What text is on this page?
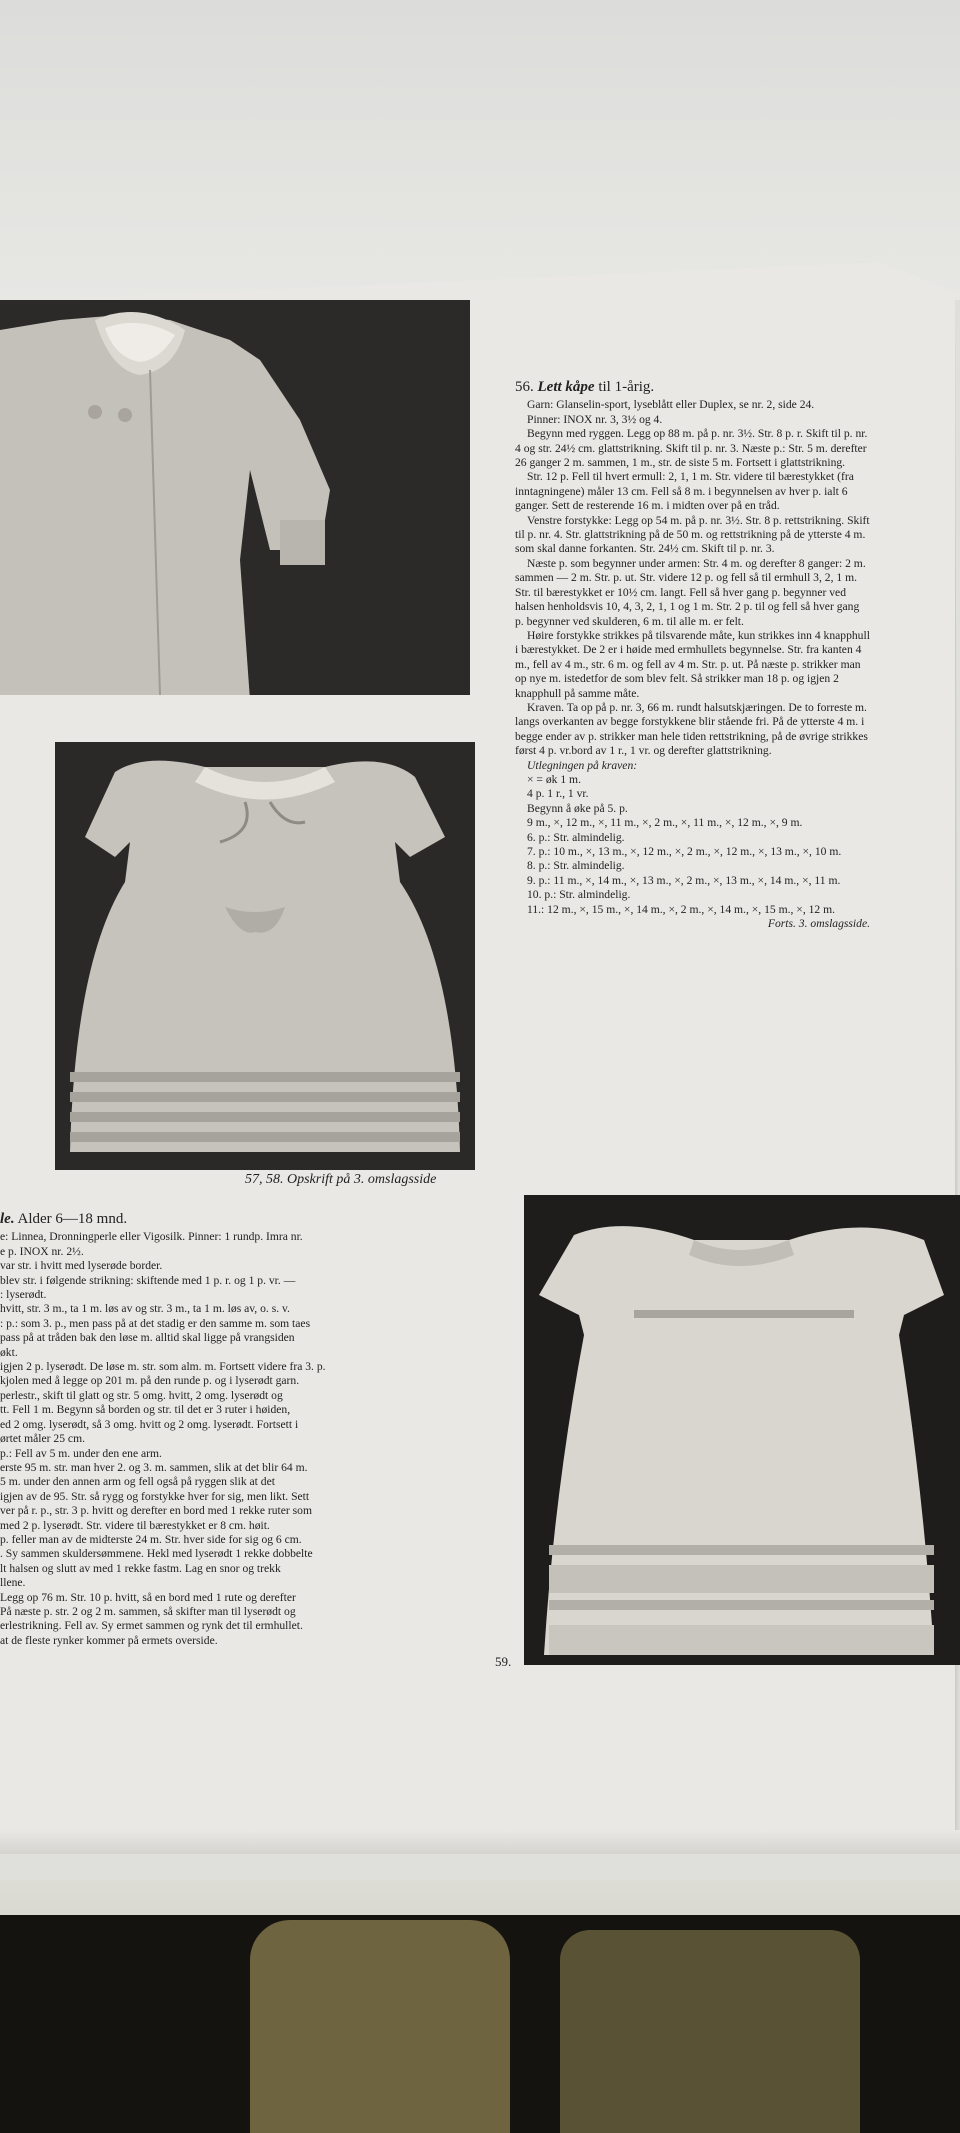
57, 58. Opskrift på 3. omslagsside

56. Lett kåpe til 1-årig.

Garn: Glanselin-sport, lyseblått eller Duplex, se nr. 2, side 24.

Pinner: INOX nr. 3, 3½ og 4.

Begynn med ryggen. Legg op 88 m. på p. nr. 3½. Str. 8 p. r. Skift til p. nr. 4 og str. 24½ cm. glattstrikning. Skift til p. nr. 3. Næste p.: Str. 5 m. derefter 26 ganger 2 m. sammen, 1 m., str. de siste 5 m. Fortsett i glattstrikning.

Str. 12 p. Fell til hvert ermull: 2, 1, 1 m. Str. videre til bærestykket (fra inntagningene) måler 13 cm. Fell så 8 m. i begynnelsen av hver p. ialt 6 ganger. Sett de resterende 16 m. i midten over på en tråd.

Venstre forstykke: Legg op 54 m. på p. nr. 3½. Str. 8 p. rettstrikning. Skift til p. nr. 4. Str. glattstrikning på de 50 m. og rettstrikning på de ytterste 4 m. som skal danne forkanten. Str. 24½ cm. Skift til p. nr. 3.

Næste p. som begynner under armen: Str. 4 m. og derefter 8 ganger: 2 m. sammen — 2 m. Str. p. ut. Str. videre 12 p. og fell så til ermhull 3, 2, 1 m. Str. til bærestykket er 10½ cm. langt. Fell så hver gang p. begynner ved halsen henholdsvis 10, 4, 3, 2, 1, 1 og 1 m. Str. 2 p. til og fell så hver gang p. begynner ved skulderen, 6 m. til alle m. er felt.

Høire forstykke strikkes på tilsvarende måte, kun strikkes inn 4 knapphull i bærestykket. De 2 er i høide med ermhullets begynnelse. Str. fra kanten 4 m., fell av 4 m., str. 6 m. og fell av 4 m. Str. p. ut. På næste p. strikker man op nye m. istedetfor de som blev felt. Så strikker man 18 p. og igjen 2 knapphull på samme måte.

Kraven. Ta op på p. nr. 3, 66 m. rundt halsutskjæringen. De to forreste m. langs overkanten av begge forstykkene blir stående fri. På de ytterste 4 m. i begge ender av p. strikker man hele tiden rettstrikning, på de øvrige strikkes først 4 p. vr.bord av 1 r., 1 vr. og derefter glattstrikning.

Utlegningen på kraven:

× = øk 1 m.

4 p. 1 r., 1 vr.

Begynn å øke på 5. p.

9 m., ×, 12 m., ×, 11 m., ×, 2 m., ×, 11 m., ×, 12 m., ×, 9 m.

6. p.: Str. almindelig.

7. p.: 10 m., ×, 13 m., ×, 12 m., ×, 2 m., ×, 12 m., ×, 13 m., ×, 10 m.

8. p.: Str. almindelig.

9. p.: 11 m., ×, 14 m., ×, 13 m., ×, 2 m., ×, 13 m., ×, 14 m., ×, 11 m.

10. p.: Str. almindelig.

11.: 12 m., ×, 15 m., ×, 14 m., ×, 2 m., ×, 14 m., ×, 15 m., ×, 12 m.

Forts. 3. omslagsside.

le. Alder 6—18 mnd.

e: Linnea, Dronningperle eller Vigosilk. Pinner: 1 rundp. Imra nr.

e p. INOX nr. 2½.

var str. i hvitt med lyserøde border.

blev str. i følgende strikning: skiftende med 1 p. r. og 1 p. vr. —

: lyserødt.

hvitt, str. 3 m., ta 1 m. løs av og str. 3 m., ta 1 m. løs av, o. s. v.

: p.: som 3. p., men pass på at det stadig er den samme m. som taes

pass på at tråden bak den løse m. alltid skal ligge på vrangsiden

økt.

igjen 2 p. lyserødt. De løse m. str. som alm. m. Fortsett videre fra 3. p.

kjolen med å legge op 201 m. på den runde p. og i lyserødt garn.

perlestr., skift til glatt og str. 5 omg. hvitt, 2 omg. lyserødt og

tt. Fell 1 m. Begynn så borden og str. til det er 3 ruter i høiden,

ed 2 omg. lyserødt, så 3 omg. hvitt og 2 omg. lyserødt. Fortsett i

ørtet måler 25 cm.

p.: Fell av 5 m. under den ene arm.

erste 95 m. str. man hver 2. og 3. m. sammen, slik at det blir 64 m.

5 m. under den annen arm og fell også på ryggen slik at det

igjen av de 95. Str. så rygg og forstykke hver for sig, men likt. Sett

ver på r. p., str. 3 p. hvitt og derefter en bord med 1 rekke ruter som

med 2 p. lyserødt. Str. videre til bærestykket er 8 cm. høit.

p. feller man av de midterste 24 m. Str. hver side for sig og 6 cm.

. Sy sammen skuldersømmene. Hekl med lyserødt 1 rekke dobbelte

lt halsen og slutt av med 1 rekke fastm. Lag en snor og trekk

llene.

Legg op 76 m. Str. 10 p. hvitt, så en bord med 1 rute og derefter

På næste p. str. 2 og 2 m. sammen, så skifter man til lyserødt og

erlestrikning. Fell av. Sy ermet sammen og rynk det til ermhullet.

at de fleste rynker kommer på ermets overside.

59.
